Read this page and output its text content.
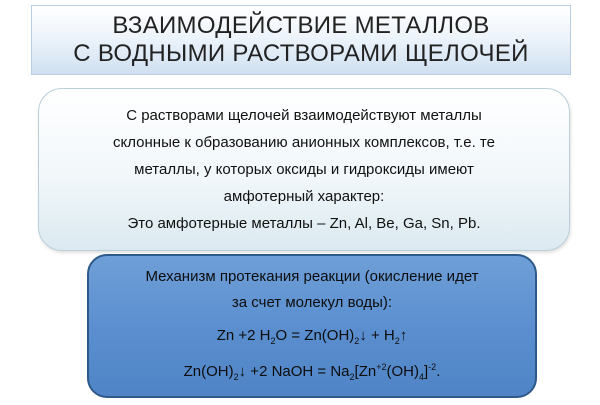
ВЗАИМОДЕЙСТВИЕ МЕТАЛЛОВ
С ВОДНЫМИ РАСТВОРАМИ ЩЕЛОЧЕЙ
С растворами щелочей взаимодействуют металлы
склонные к образованию анионных комплексов, т.е. те
металлы, у которых оксиды и гидроксиды имеют
амфотерный характер:
Это амфотерные металлы – Zn, Al, Be, Ga, Sn, Pb.
Механизм протекания реакции (окисление идет
за счет молекул воды):
Zn +2 $H_2O$ = $Zn(OH)_2↓$ + $H_2↑$
$Zn(OH)_2↓ +2$ NaOH = $Na_2[Zn^{+2}(OH)_4]^{-2}$.
